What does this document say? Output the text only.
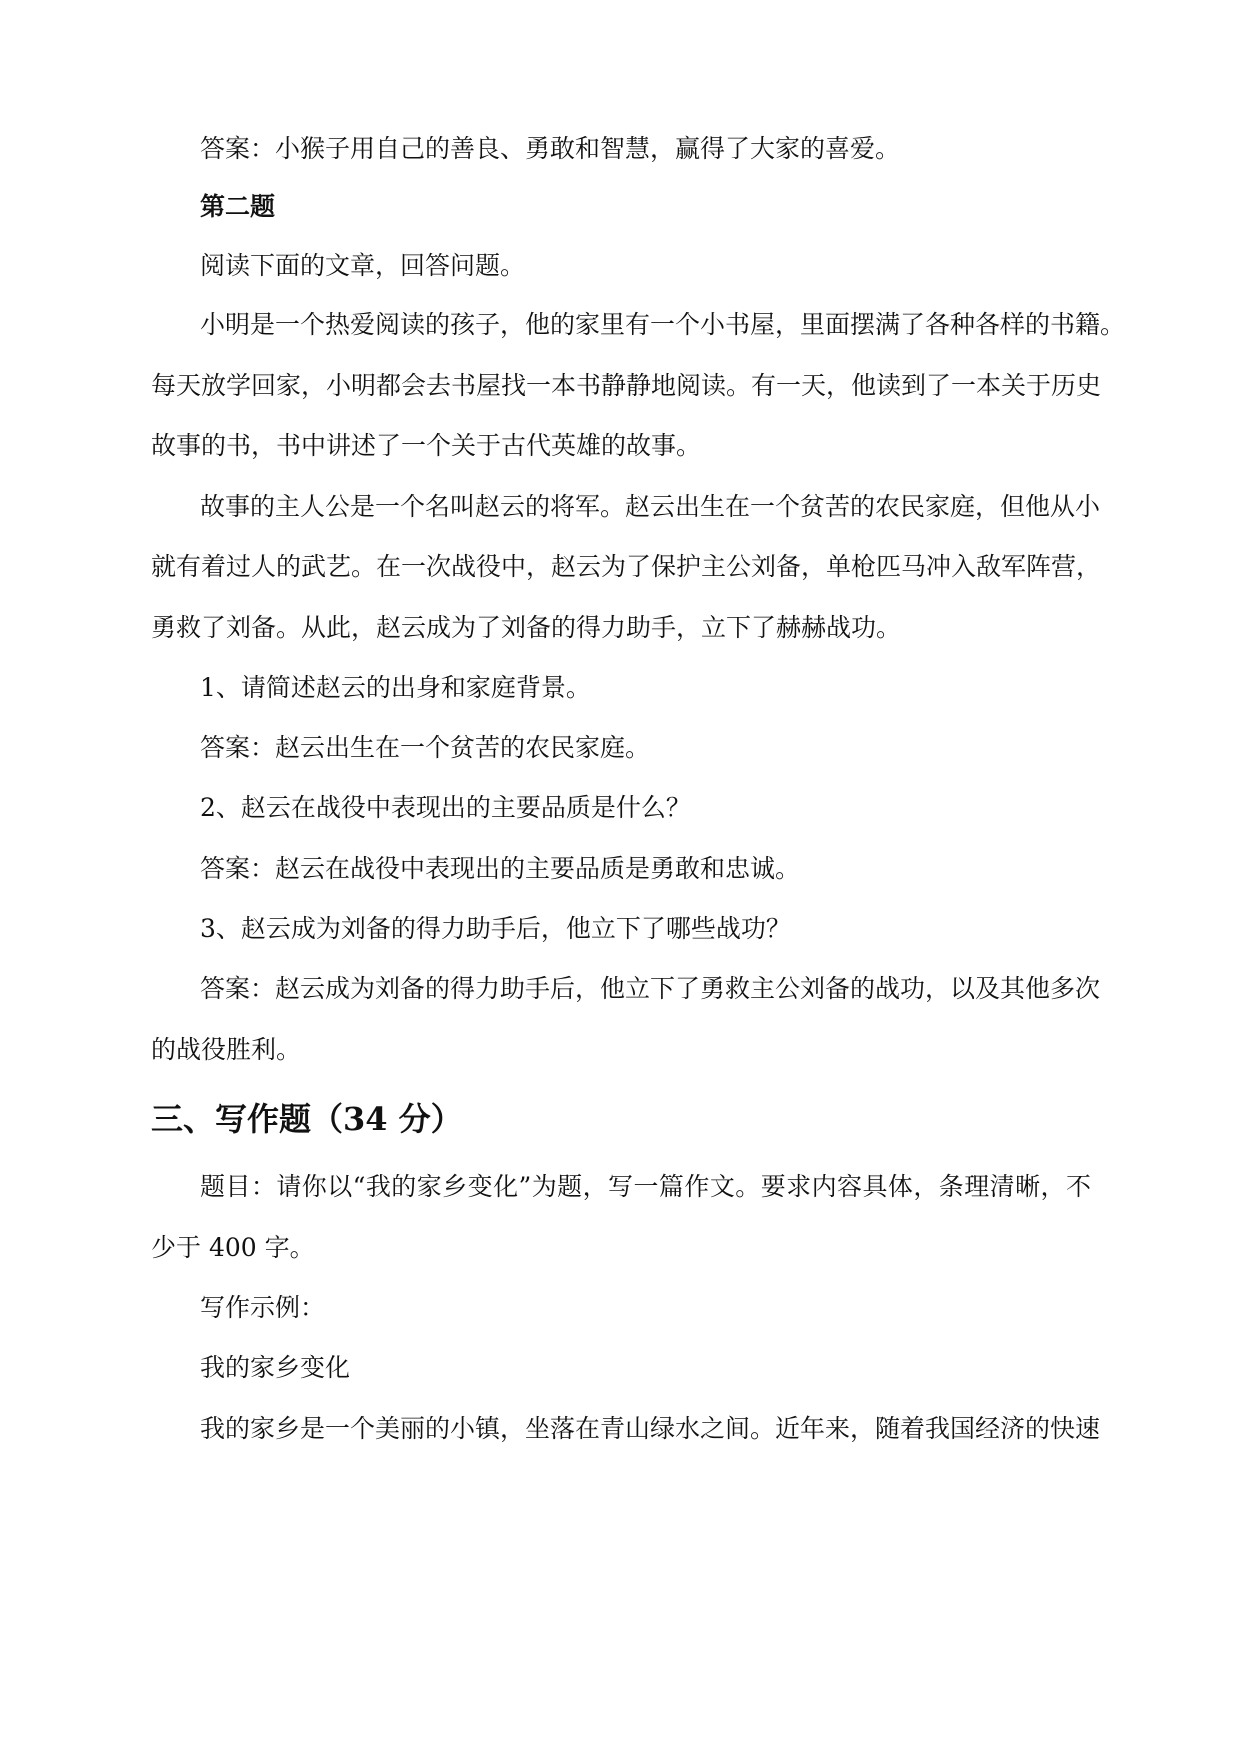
答案：小猴子用自己的善良、勇敢和智慧，赢得了大家的喜爱。
第二题
阅读下面的文章，回答问题。
小明是一个热爱阅读的孩子，他的家里有一个小书屋，里面摆满了各种各样的书籍。
每天放学回家，小明都会去书屋找一本书静静地阅读。有一天，他读到了一本关于历史
故事的书，书中讲述了一个关于古代英雄的故事。
故事的主人公是一个名叫赵云的将军。赵云出生在一个贫苦的农民家庭，但他从小
就有着过人的武艺。在一次战役中，赵云为了保护主公刘备，单枪匹马冲入敌军阵营，
勇救了刘备。从此，赵云成为了刘备的得力助手，立下了赫赫战功。
1、请简述赵云的出身和家庭背景。
答案：赵云出生在一个贫苦的农民家庭。
2、赵云在战役中表现出的主要品质是什么？
答案：赵云在战役中表现出的主要品质是勇敢和忠诚。
3、赵云成为刘备的得力助手后，他立下了哪些战功？
答案：赵云成为刘备的得力助手后，他立下了勇救主公刘备的战功，以及其他多次
的战役胜利。
三、写作题（34 分）
题目：请你以“我的家乡变化”为题，写一篇作文。要求内容具体，条理清晰，不
少于 400 字。
写作示例：
我的家乡变化
我的家乡是一个美丽的小镇，坐落在青山绿水之间。近年来，随着我国经济的快速
